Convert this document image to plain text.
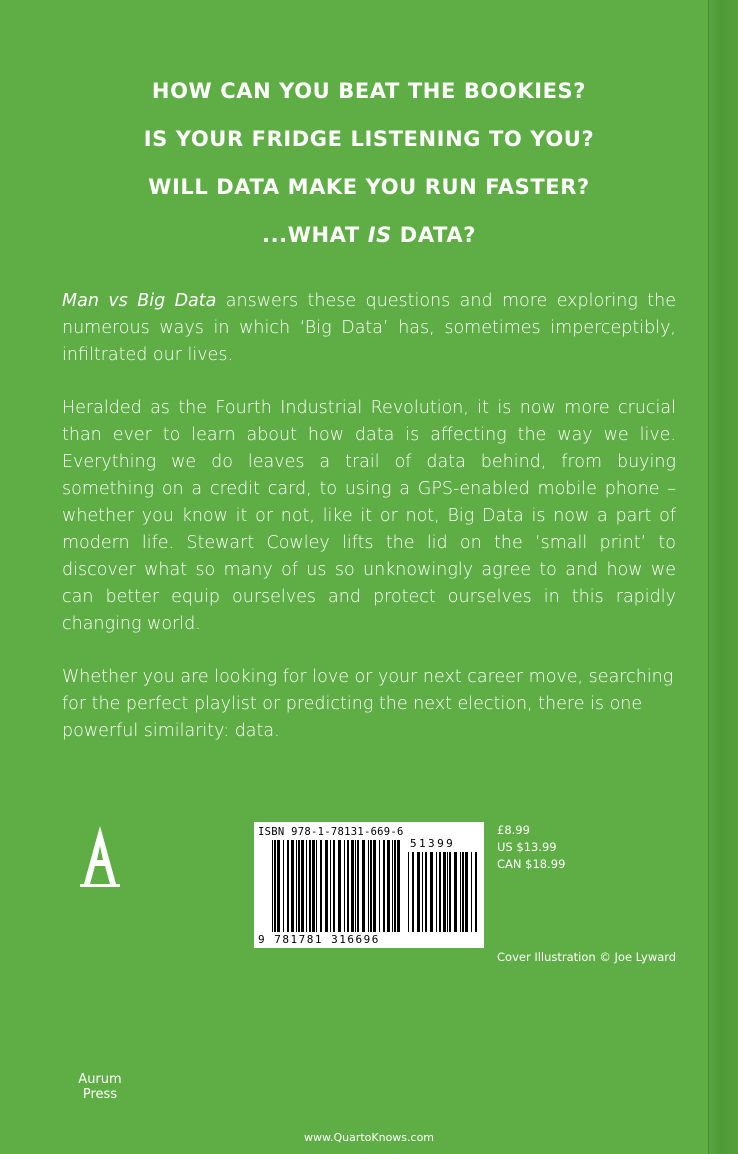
HOW CAN YOU BEAT THE BOOKIES?
IS YOUR FRIDGE LISTENING TO YOU?
WILL DATA MAKE YOU RUN FASTER?
...WHAT IS DATA?

Man vs Big Data answers these questions and more exploring the numerous ways in which ‘Big Data’ has, sometimes imperceptibly, infiltrated our lives.

Heralded as the Fourth Industrial Revolution, it is now more crucial than ever to learn about how data is affecting the way we live. Everything we do leaves a trail of data behind, from buying something on a credit card, to using a GPS-enabled mobile phone – whether you know it or not, like it or not, Big Data is now a part of modern life. Stewart Cowley lifts the lid on the ‘small print’ to discover what so many of us so unknowingly agree to and how we can better equip ourselves and protect ourselves in this rapidly changing world.

Whether you are looking for love or your next career move, searching for the perfect playlist or predicting the next election, there is one powerful similarity: data.

Aurum
Press
ISBN 978-1-78131-669-6
51399
9 781781 316696
£8.99
US $13.99
CAN $18.99
Cover Illustration © Joe Lyward
www.QuartoKnows.com
